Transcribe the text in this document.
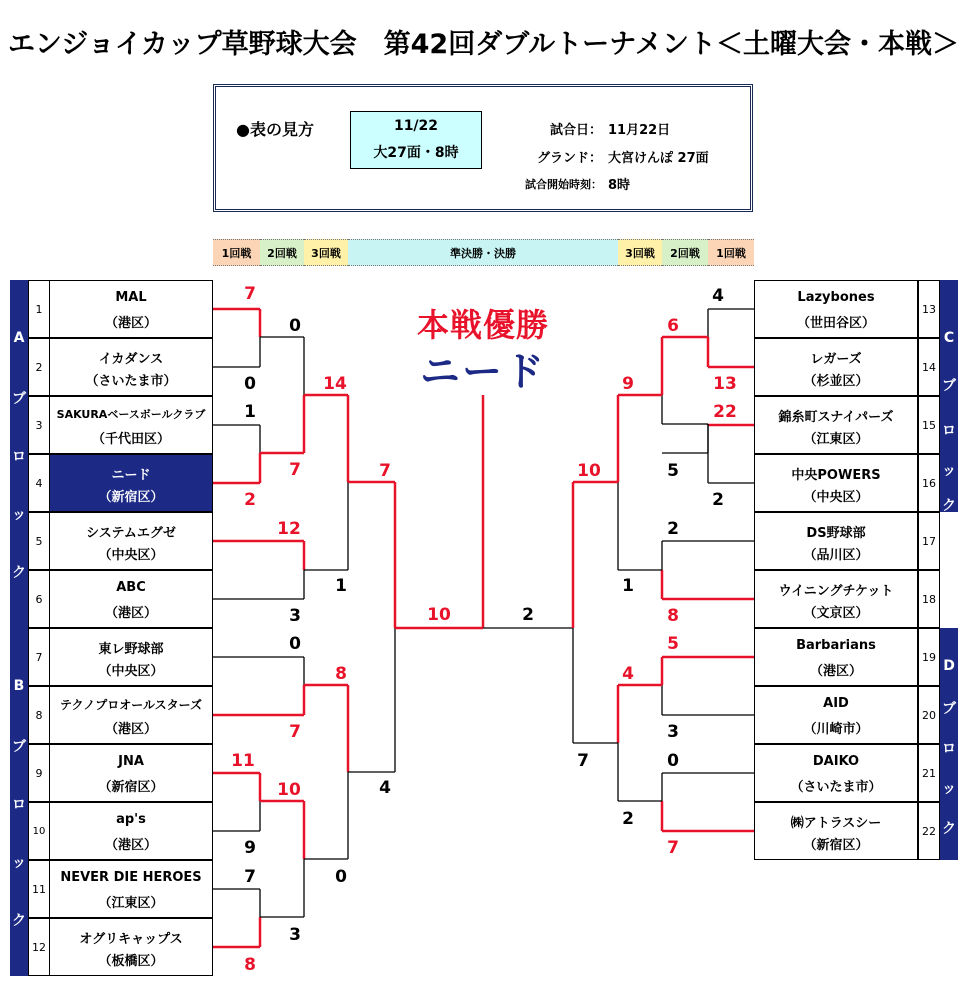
エンジョイカップ草野球大会　第42回ダブルトーナメント＜土曜大会・本戦＞
●表の見方	11/22
大27面・8時
試合日： 11月22日
グランド： 大宮けんぽ 27面
試合開始時刻： 8時
1回戦	2回戦	3回戦	準決勝・決勝	3回戦	2回戦	1回戦
A
ブ
ロ
ッ
ク
B
ブ
ロ
ッ
ク
C
ブ
ロ
ッ
ク
D
ブ
ロ
ッ
ク
1
MAL
（港区）
2
イカダンス
（さいたま市）
3
SAKURAベースボールクラブ
（千代田区）
4
ニード
（新宿区）
5
システムエグゼ
（中央区）
6
ABC
（港区）
7
東レ野球部
（中央区）
8
テクノプロオールスターズ
（港区）
9
JNA
（新宿区）
10
ap's
（港区）
11
NEVER DIE HEROES
（江東区）
12
オグリキャップス
（板橋区）
13
Lazybones
（世田谷区）
14
レガーズ
（杉並区）
15
錦糸町スナイパーズ
（江東区）
16
中央POWERS
（中央区）
17
DS野球部
（品川区）
18
ウイニングチケット
（文京区）
19
Barbarians
（港区）
20
AID
（川崎市）
21
DAIKO
（さいたま市）
22
㈱アトラスシー
（新宿区）
本戦優勝
ニード
7
0
1
2
0
7
12
3
14
1
7
0
7
11
9
7
8
10
3
8
0
4
10	2
4
13
22
2
6
5
9
1
2
8
10
7
5
3
4
2
0
7
